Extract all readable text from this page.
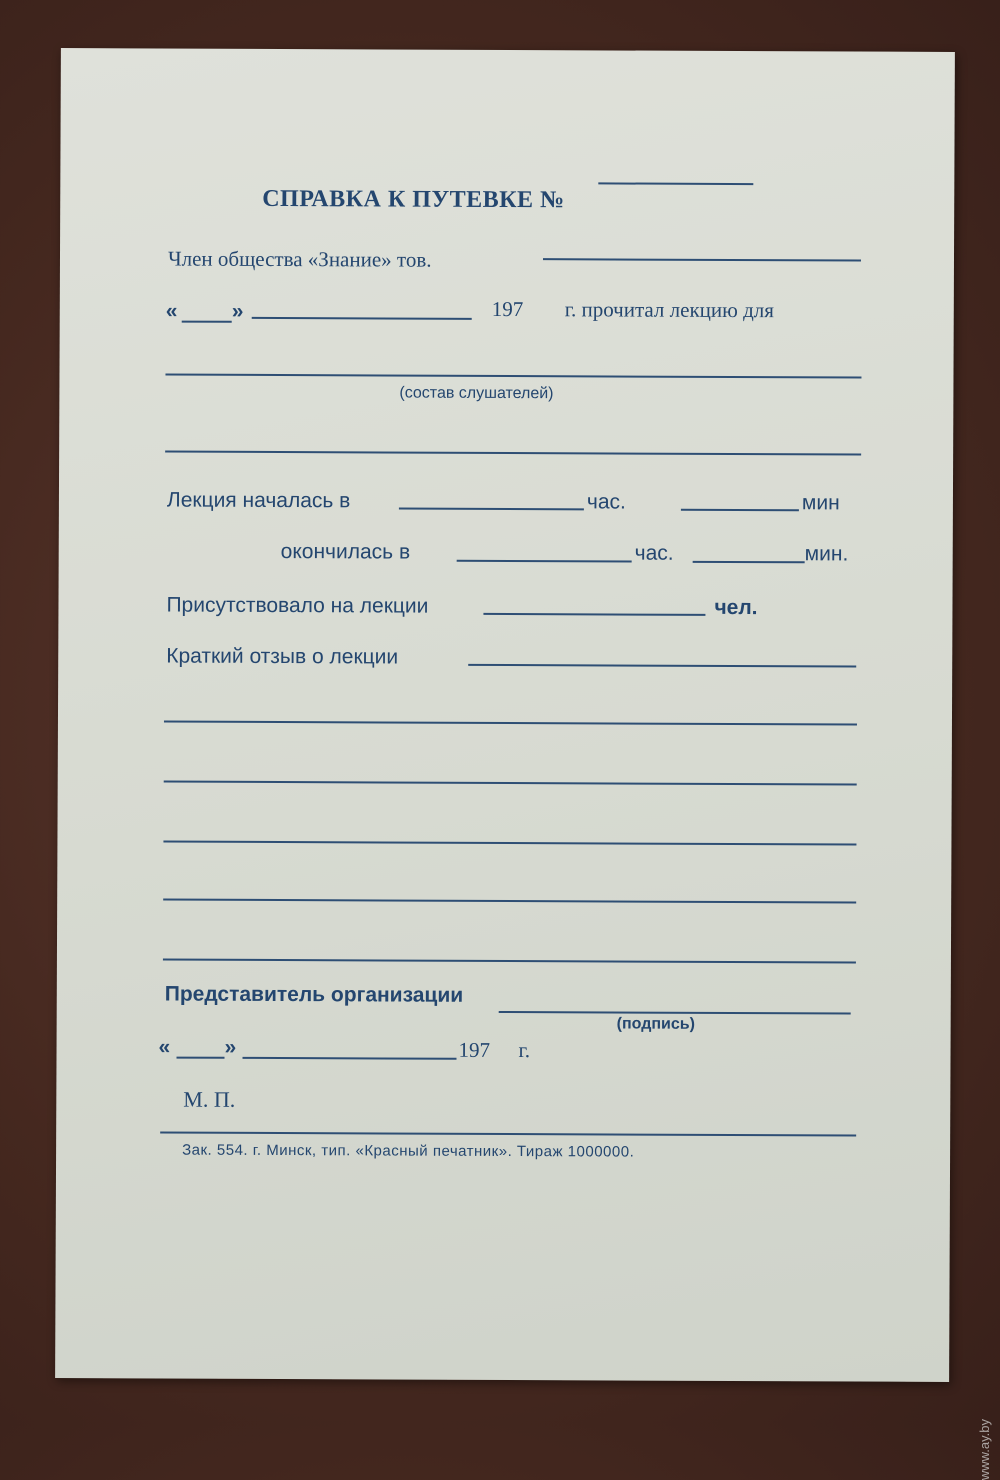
СПРАВКА К ПУТЕВКЕ №
Член общества «Знание» тов.
«	»	197 г. прочитал лекцию для
(состав слушателей)
Лекция началась в	час.	мин
окончилась в	час.	мин.
Присутствовало на лекции	чел.
Краткий отзыв о лекции
Представитель организации
(подпись)
«	»	197 г.
М. П.
Зак. 554. г. Минск, тип. «Красный печатник». Тираж 1000000.
www.ay.by
